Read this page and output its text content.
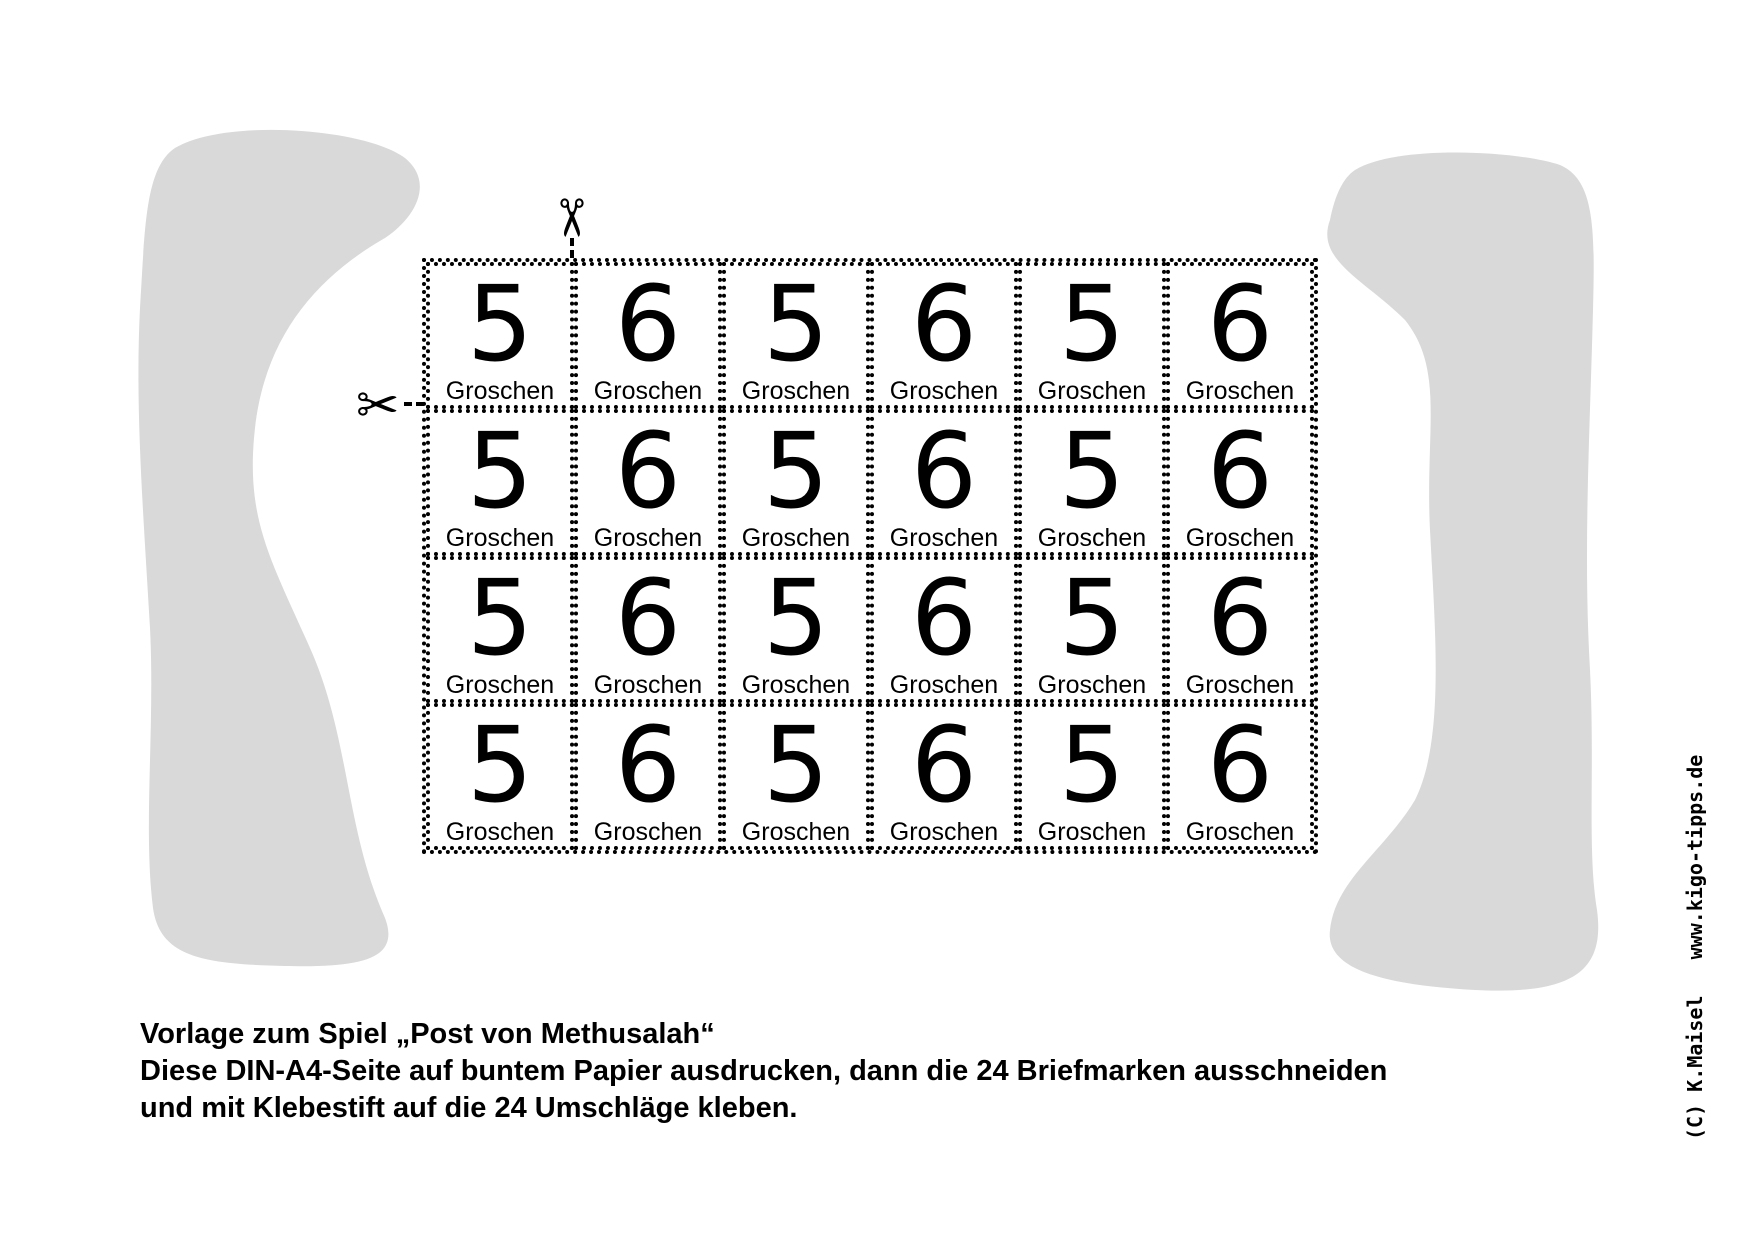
✂
✂
5
Groschen
6
Groschen
5
Groschen
6
Groschen
5
Groschen
6
Groschen
5
Groschen
6
Groschen
5
Groschen
6
Groschen
5
Groschen
6
Groschen
5
Groschen
6
Groschen
5
Groschen
6
Groschen
5
Groschen
6
Groschen
5
Groschen
6
Groschen
5
Groschen
6
Groschen
5
Groschen
6
Groschen
Vorlage zum Spiel „Post von Methusalah“
Diese DIN-A4-Seite auf buntem Papier ausdrucken, dann die 24 Briefmarken ausschneiden
und mit Klebestift auf die 24 Umschläge kleben.	(C) K.Maisel   www.kigo-tipps.de
